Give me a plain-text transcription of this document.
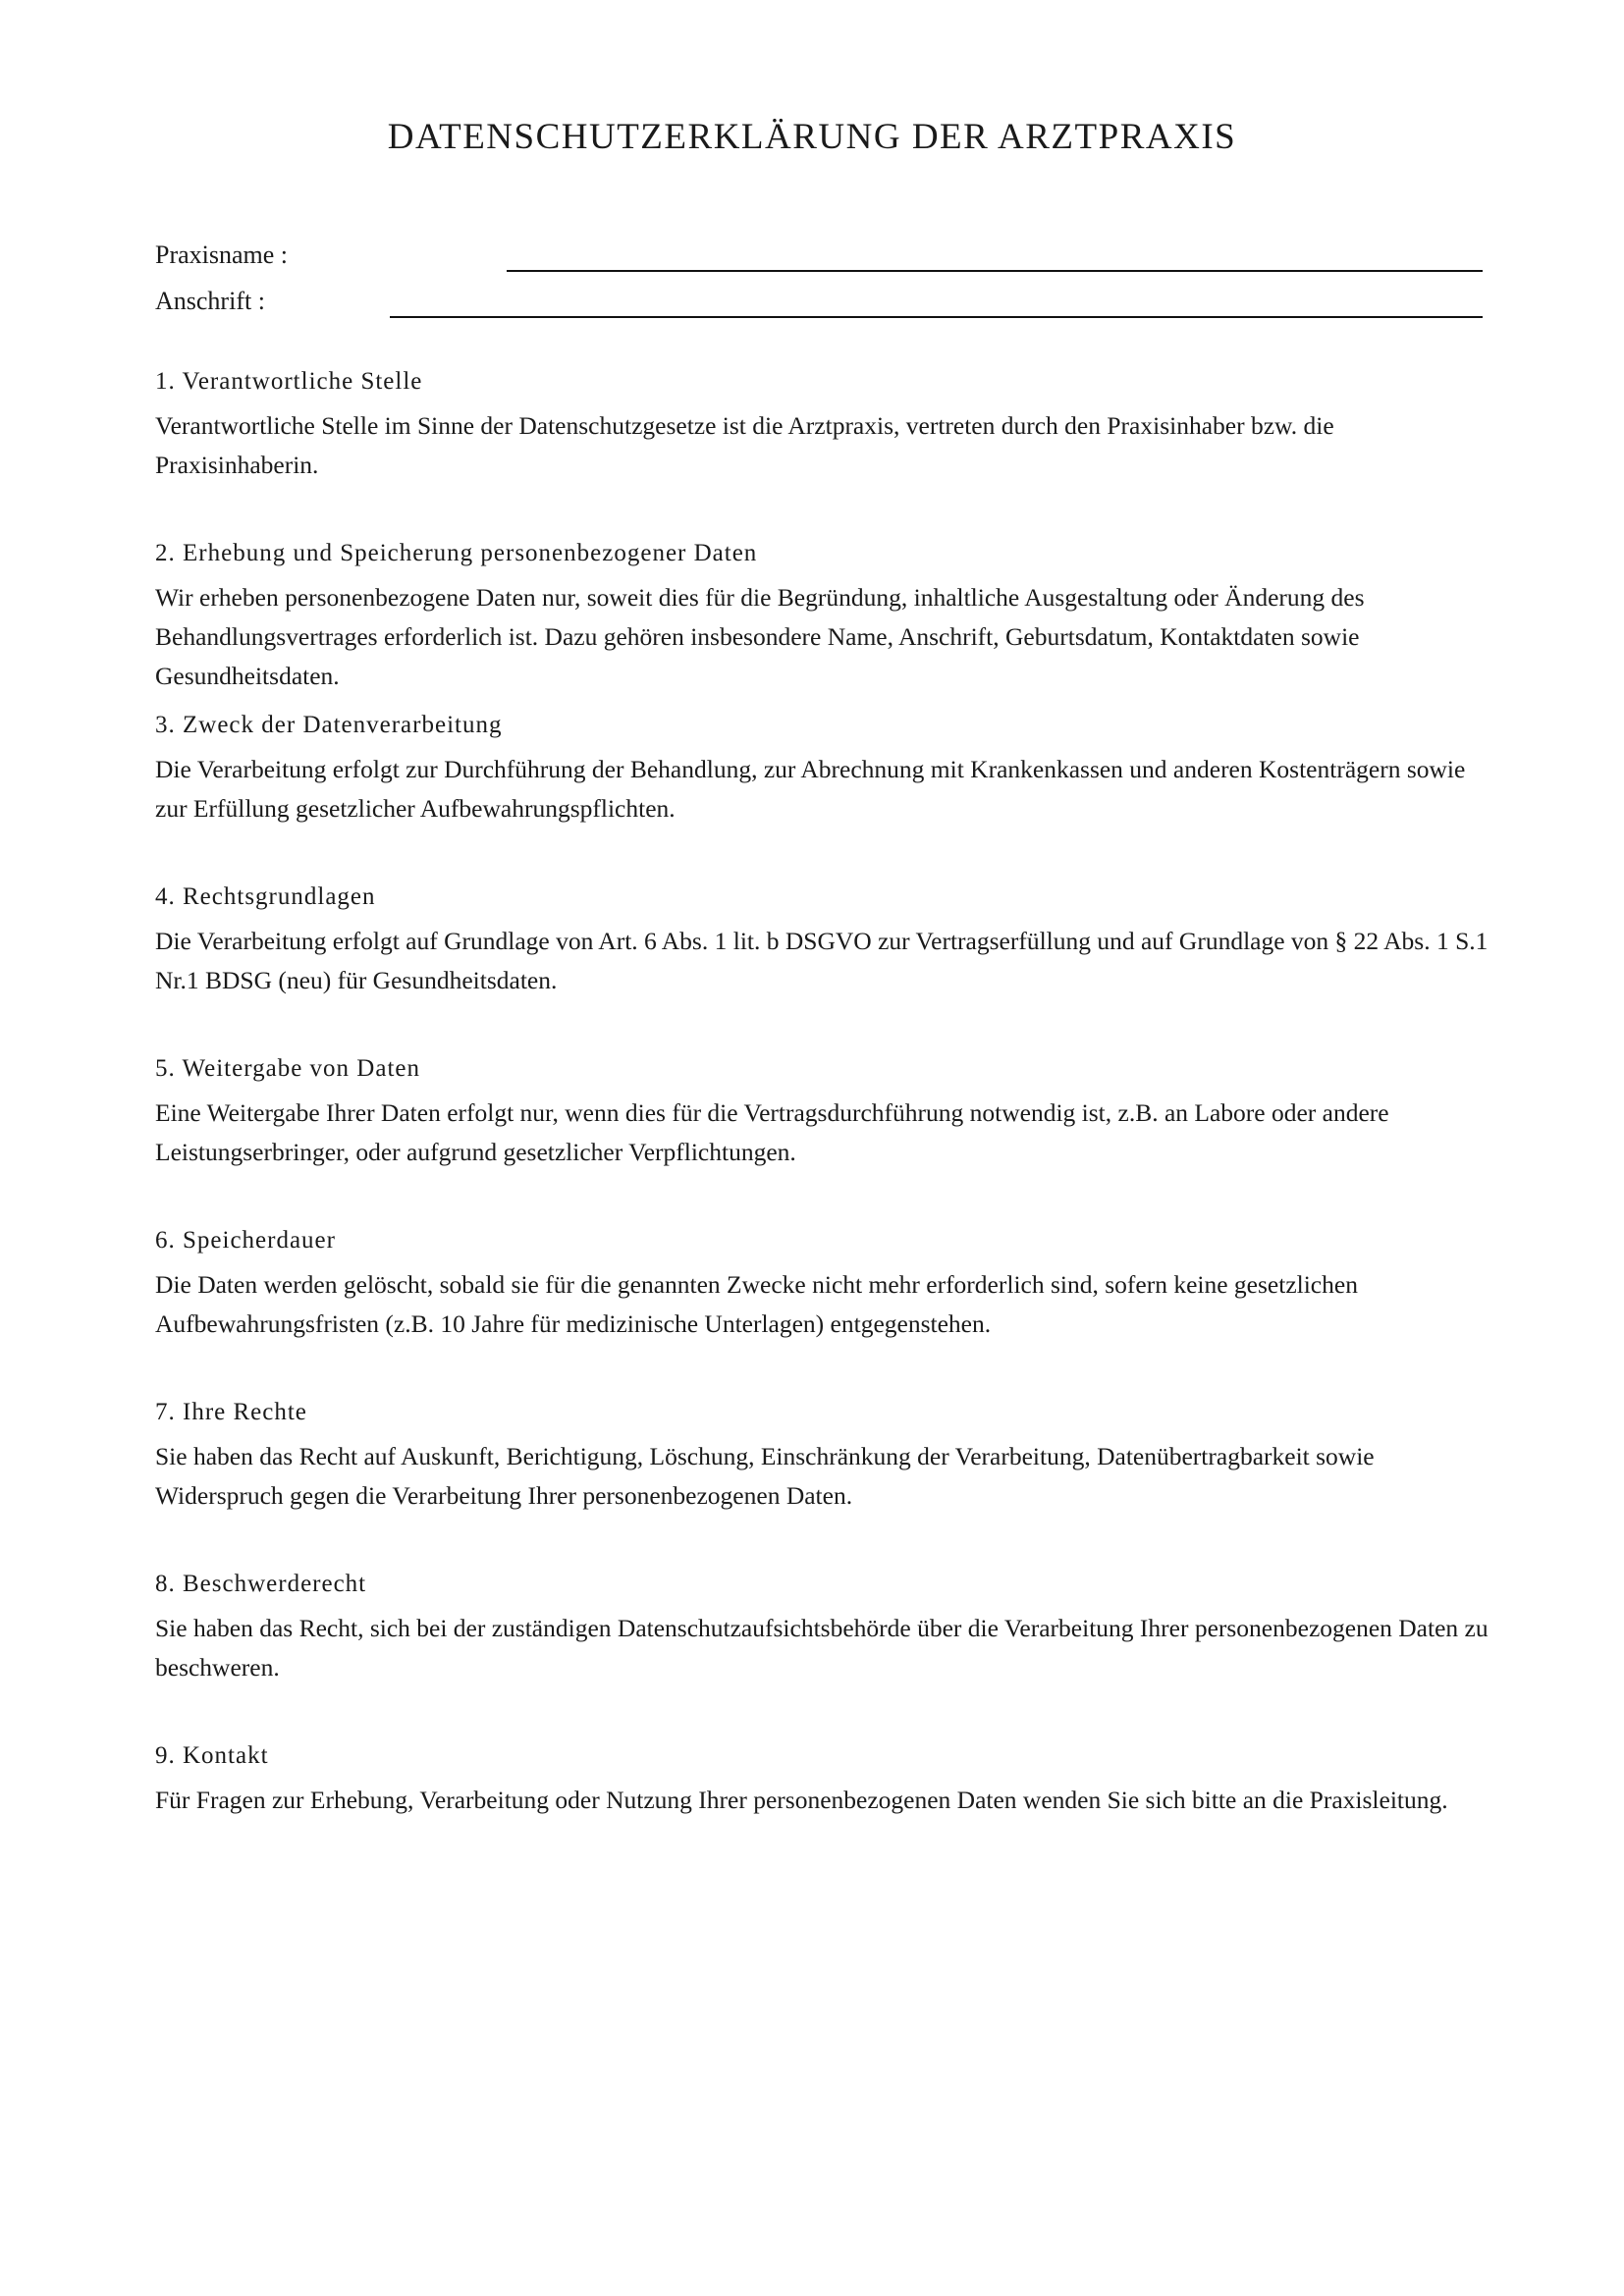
DATENSCHUTZERKLÄRUNG DER ARZTPRAXIS
Praxisname :
Anschrift :
1. Verantwortliche Stelle

Verantwortliche Stelle im Sinne der Datenschutzgesetze ist die Arztpraxis, vertreten durch den Praxisinhaber bzw. die Praxisinhaberin.

2. Erhebung und Speicherung personenbezogener Daten

Wir erheben personenbezogene Daten nur, soweit dies für die Begründung, inhaltliche Ausgestaltung oder Änderung des Behandlungsvertrages erforderlich ist. Dazu gehören insbesondere Name, Anschrift, Geburtsdatum, Kontaktdaten sowie Gesundheitsdaten.

3. Zweck der Datenverarbeitung

Die Verarbeitung erfolgt zur Durchführung der Behandlung, zur Abrechnung mit Krankenkassen und anderen Kostenträgern sowie zur Erfüllung gesetzlicher Aufbewahrungspflichten.

4. Rechtsgrundlagen

Die Verarbeitung erfolgt auf Grundlage von Art. 6 Abs. 1 lit. b DSGVO zur Vertragserfüllung und auf Grundlage von § 22 Abs. 1 S.1 Nr.1 BDSG (neu) für Gesundheitsdaten.

5. Weitergabe von Daten

Eine Weitergabe Ihrer Daten erfolgt nur, wenn dies für die Vertragsdurchführung notwendig ist, z.B. an Labore oder andere Leistungserbringer, oder aufgrund gesetzlicher Verpflichtungen.

6. Speicherdauer

Die Daten werden gelöscht, sobald sie für die genannten Zwecke nicht mehr erforderlich sind, sofern keine gesetzlichen Aufbewahrungsfristen (z.B. 10 Jahre für medizinische Unterlagen) entgegenstehen.

7. Ihre Rechte

Sie haben das Recht auf Auskunft, Berichtigung, Löschung, Einschränkung der Verarbeitung, Datenübertragbarkeit sowie Widerspruch gegen die Verarbeitung Ihrer personenbezogenen Daten.

8. Beschwerderecht

Sie haben das Recht, sich bei der zuständigen Datenschutzaufsichtsbehörde über die Verarbeitung Ihrer personenbezogenen Daten zu beschweren.

9. Kontakt

Für Fragen zur Erhebung, Verarbeitung oder Nutzung Ihrer personenbezogenen Daten wenden Sie sich bitte an die Praxisleitung.
